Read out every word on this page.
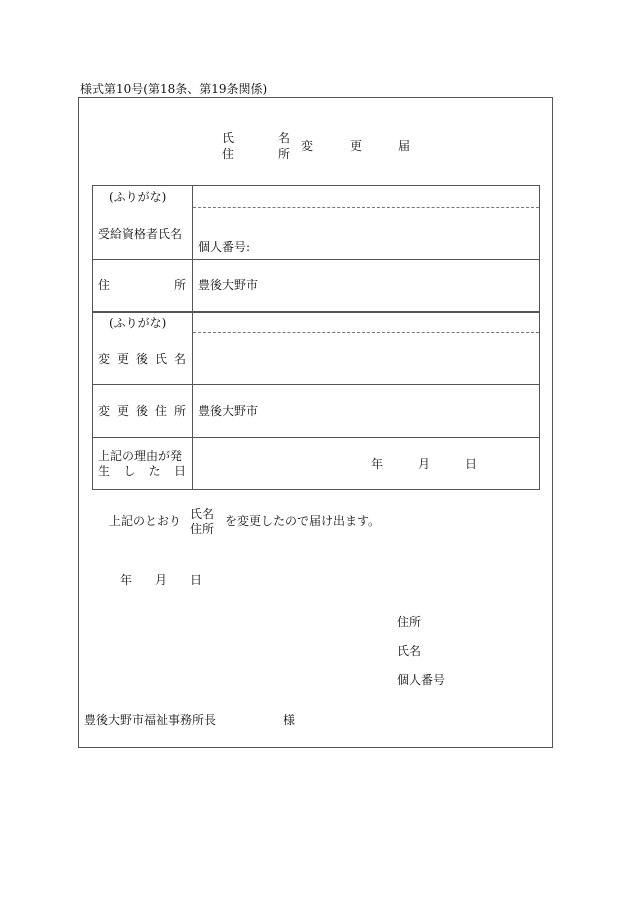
様式第10号(第18条、第19条関係)
氏	名
住	所
変	更	届
(ふりがな)
受給資格者氏名
個人番号:
住	所 豊後大野市
(ふりがな)
変 更 後 氏 名
変 更 後 住 所 豊後大野市
上記の理由が発
生 し た 日	年	月	日
上記のとおり 氏名
住所
を変更したので届け出ます。
年 月 日
住所
氏名
個人番号
豊後大野市福祉事務所長	様
